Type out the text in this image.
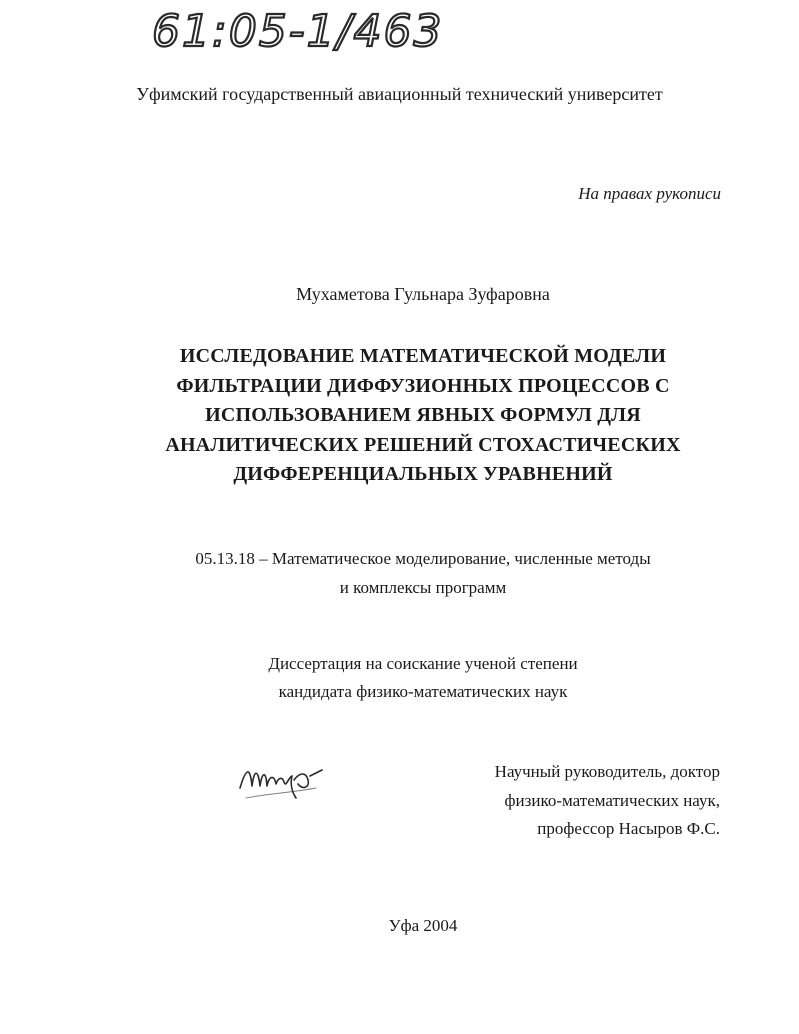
61:05-1/463
Уфимский государственный авиационный технический университет
На правах рукописи
Мухаметова Гульнара Зуфаровна
ИССЛЕДОВАНИЕ МАТЕМАТИЧЕСКОЙ МОДЕЛИ
ФИЛЬТРАЦИИ ДИФФУЗИОННЫХ ПРОЦЕССОВ С
ИСПОЛЬЗОВАНИЕМ ЯВНЫХ ФОРМУЛ ДЛЯ
АНАЛИТИЧЕСКИХ РЕШЕНИЙ СТОХАСТИЧЕСКИХ
ДИФФЕРЕНЦИАЛЬНЫХ УРАВНЕНИЙ
05.13.18 – Математическое моделирование, численные методы
и комплексы программ
Диссертация на соискание ученой степени
кандидата физико-математических наук
Научный руководитель, доктор
физико-математических наук,
профессор Насыров Ф.С.
Уфа 2004
